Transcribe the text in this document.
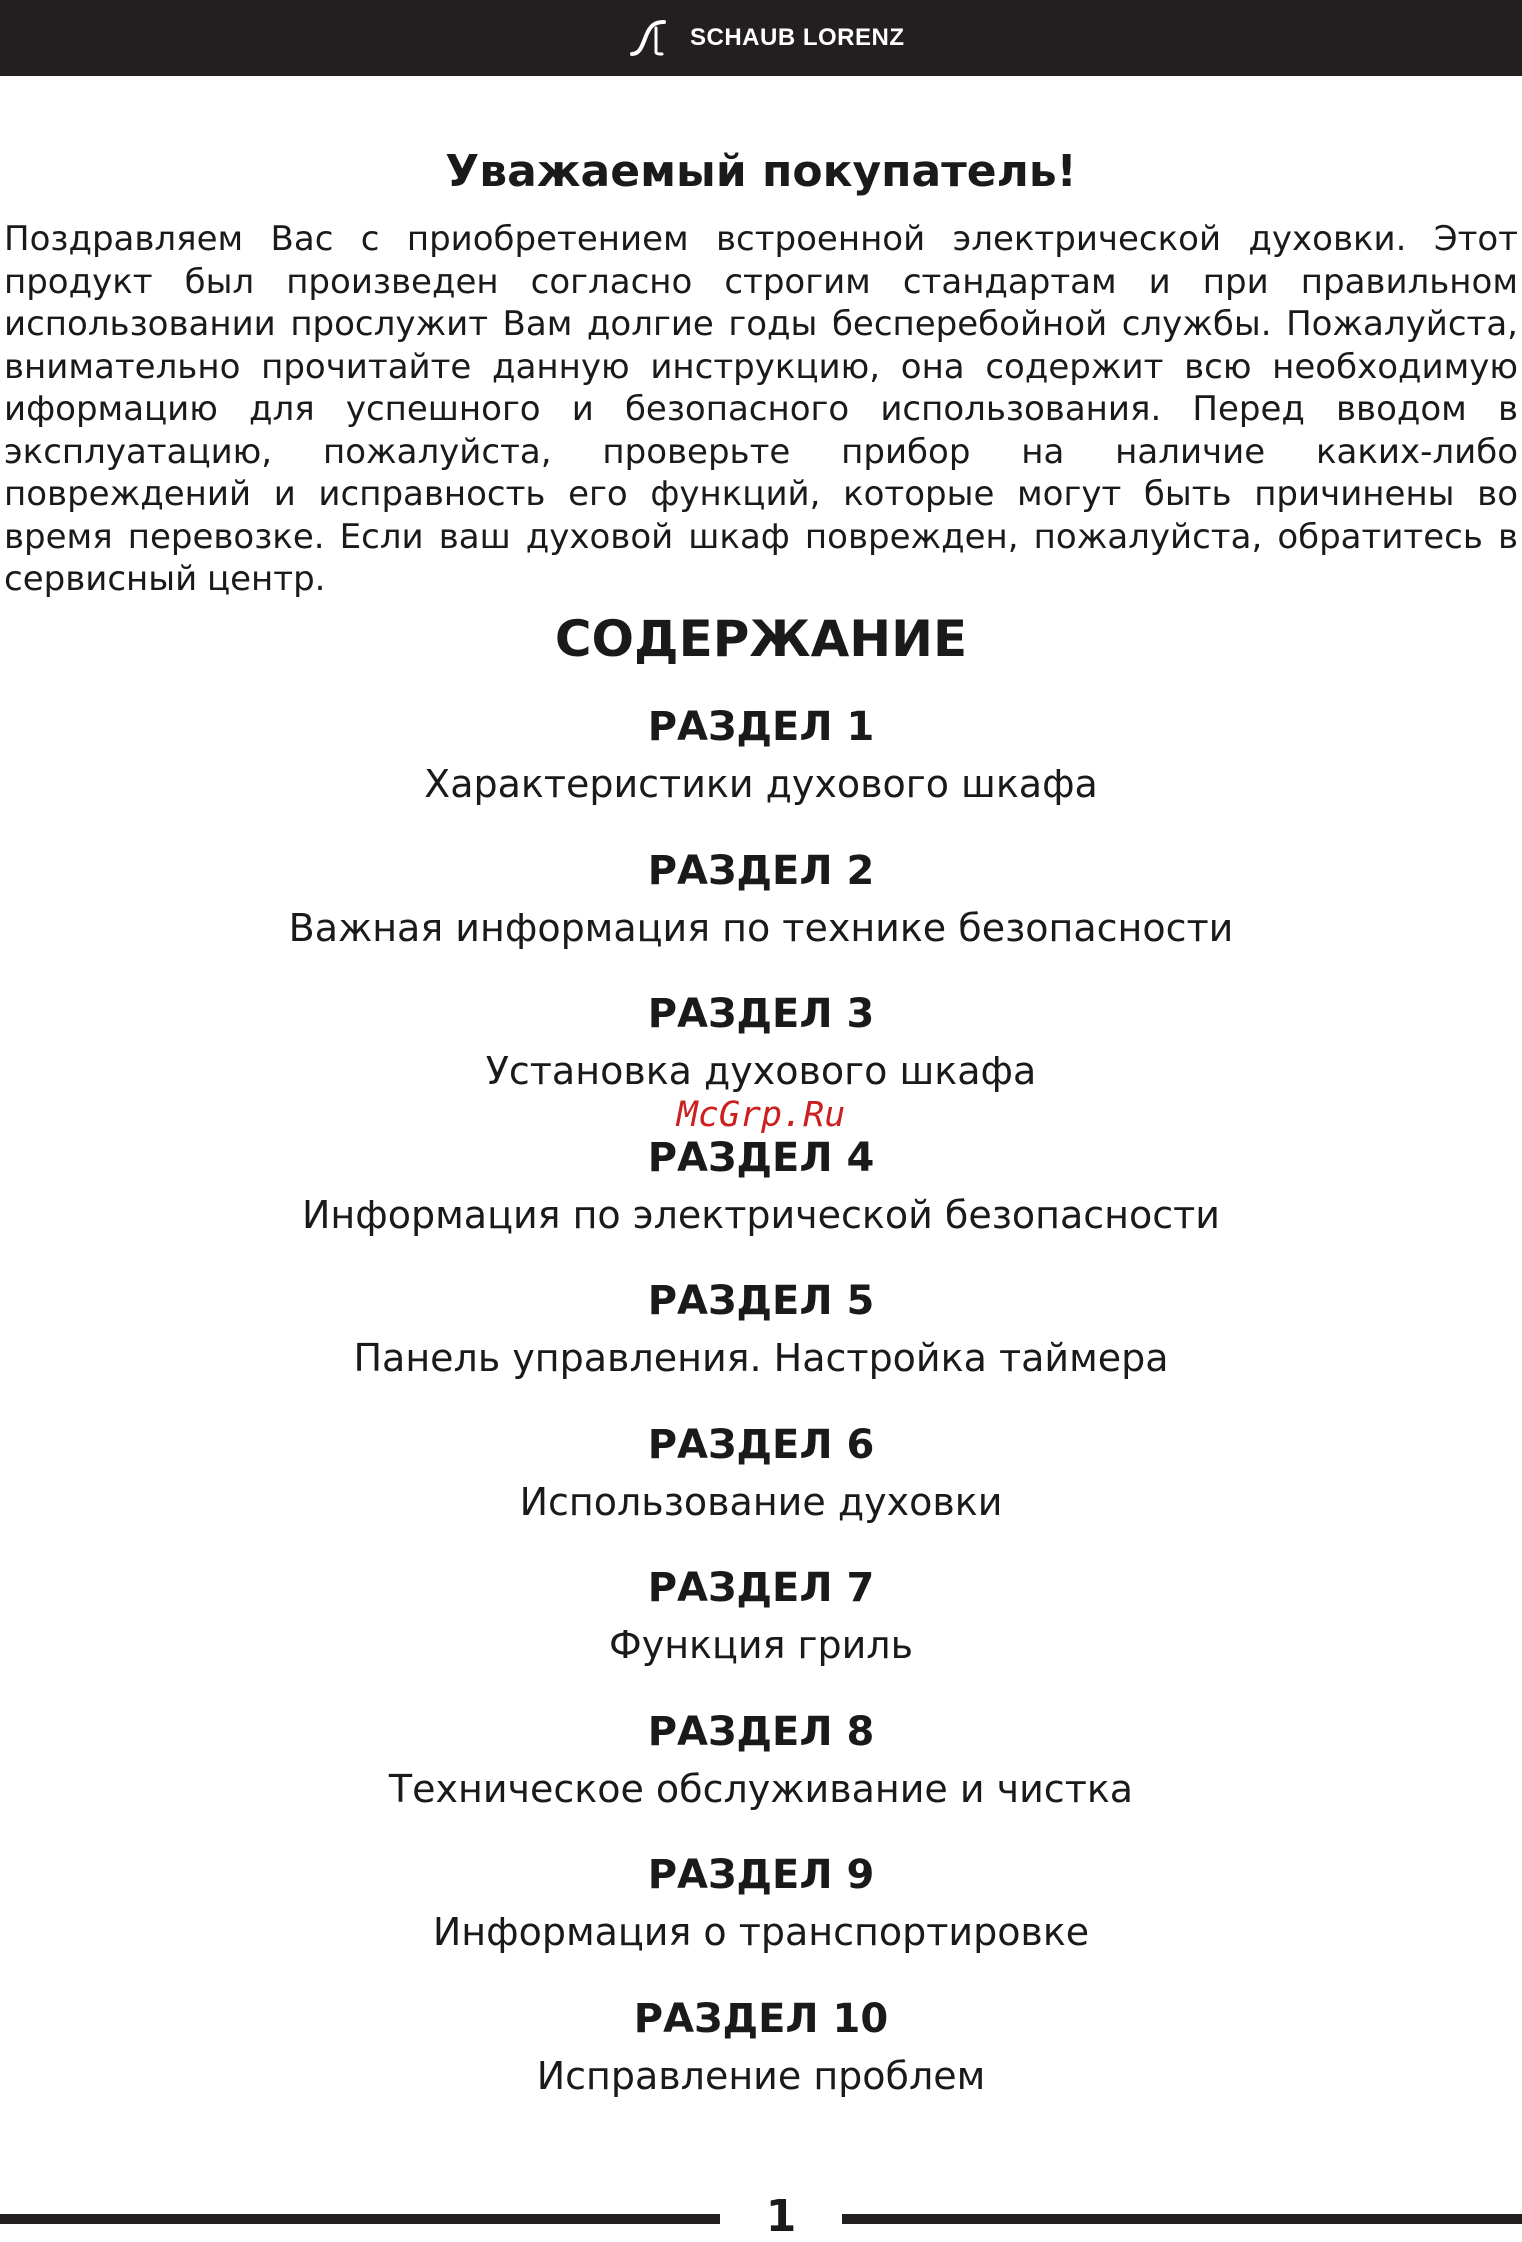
SCHAUB LORENZ
Уважаемый покупатель!

Поздравляем Вас с приобретением встроенной электрической духовки. Этот продукт был произведен согласно строгим стандартам и при правильном использовании прослужит Вам долгие годы бесперебойной службы. Пожалуйста, внимательно прочитайте данную инструкцию, она содержит всю необходимую иформацию для успешного и безопасного использования. Перед вводом в эксплуатацию, пожалуйста, проверьте прибор на наличие каких-либо повреждений и исправность его функций, которые могут быть причинены во время перевозке. Если ваш духовой шкаф поврежден, пожалуйста, обратитесь в сервисный центр.

СОДЕРЖАНИЕ
РАЗДЕЛ 1
Характеристики духового шкафа
РАЗДЕЛ 2
Важная информация по технике безопасности
РАЗДЕЛ 3
Установка духового шкафа
РАЗДЕЛ 4
Информация по электрической безопасности
РАЗДЕЛ 5
Панель управления. Настройка таймера
РАЗДЕЛ 6
Использование духовки
РАЗДЕЛ 7
Функция гриль
РАЗДЕЛ 8
Техническое обслуживание и чистка
РАЗДЕЛ 9
Информация о транспортировке
РАЗДЕЛ 10
Исправление проблем
McGrp.Ru
1
